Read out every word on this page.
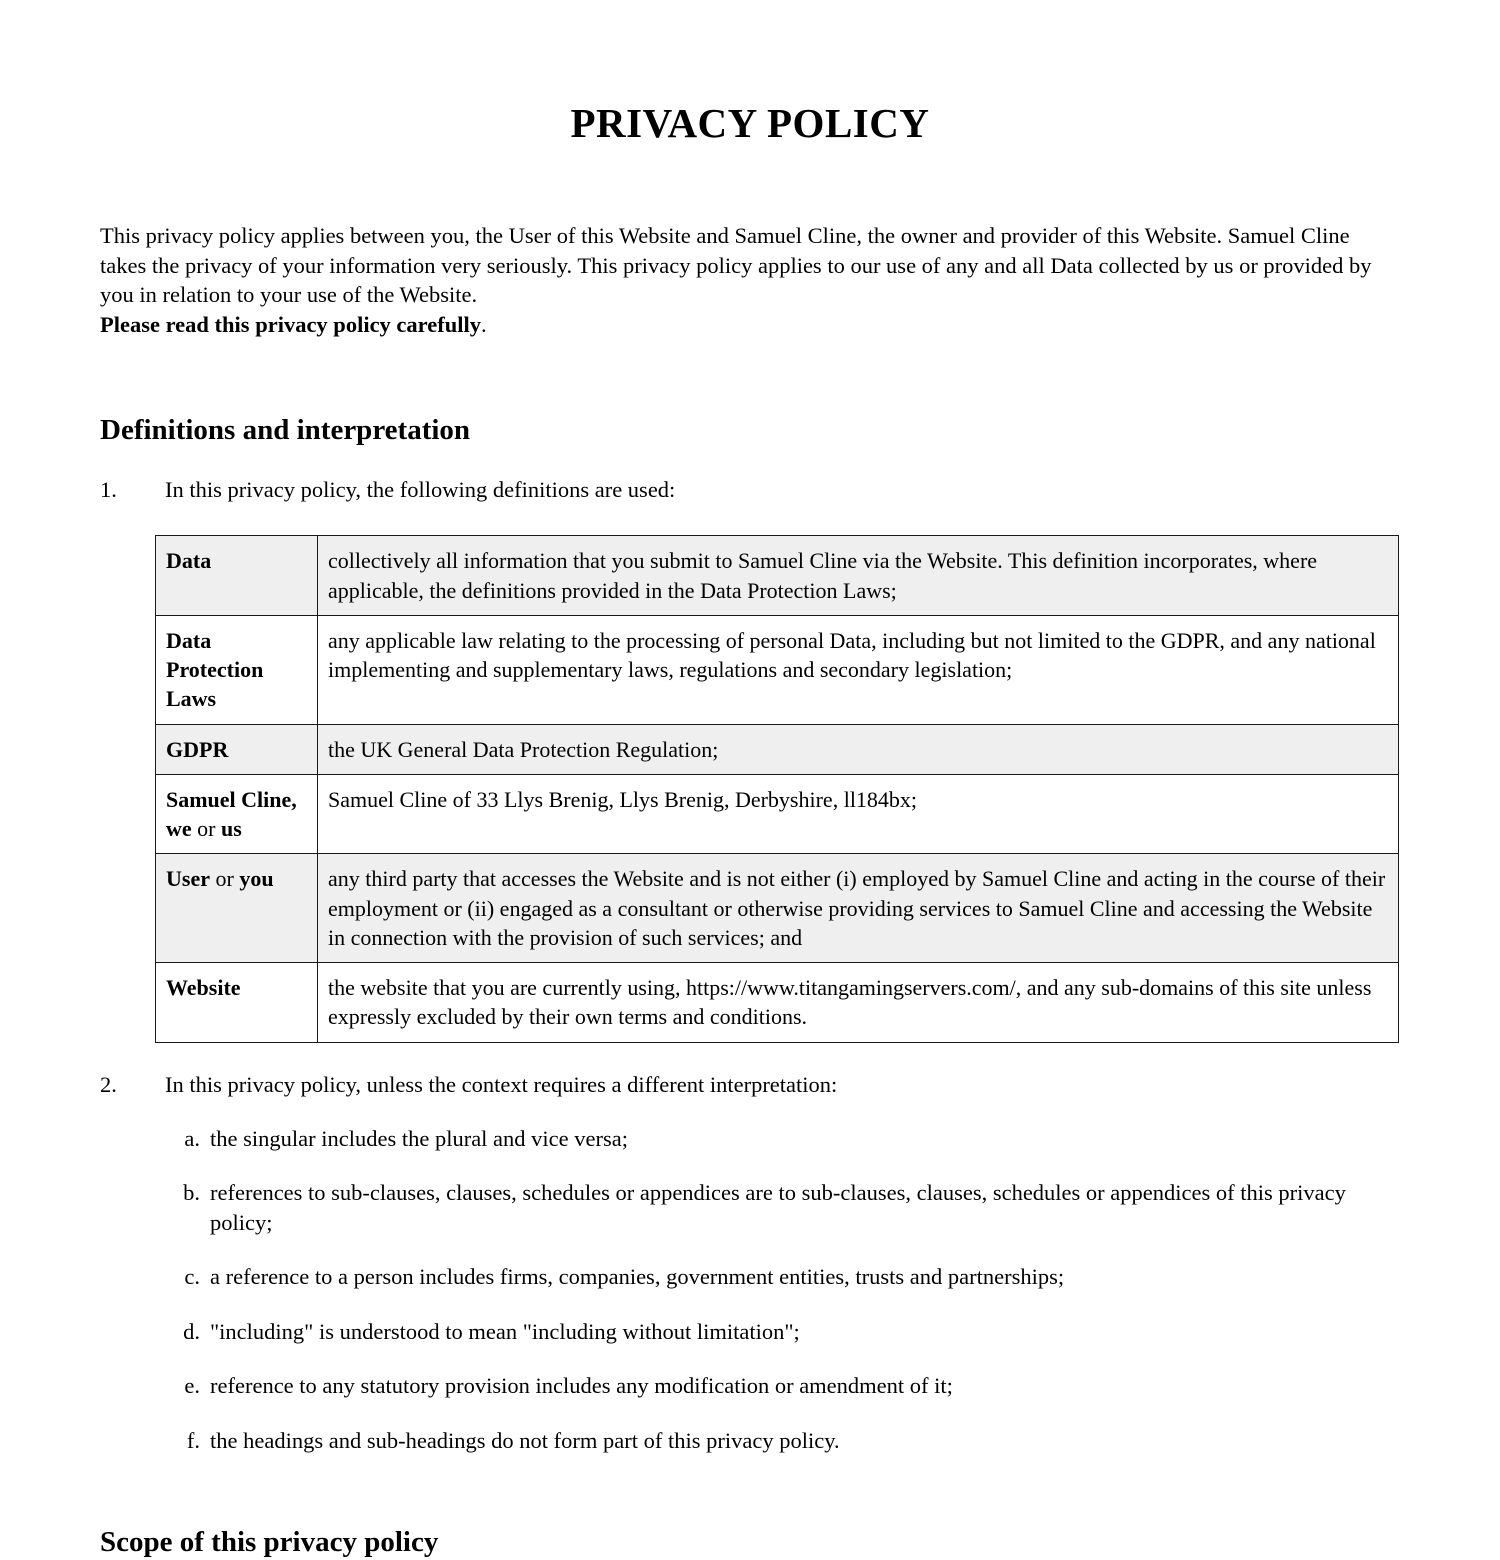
PRIVACY POLICY

This privacy policy applies between you, the User of this Website and Samuel Cline, the owner and provider of this Website. Samuel Cline takes the privacy of your information very seriously. This privacy policy applies to our use of any and all Data collected by us or provided by you in relation to your use of the Website.
Please read this privacy policy carefully.

Definitions and interpretation
1.	In this privacy policy, the following definitions are used:
Data	collectively all information that you submit to Samuel Cline via the Website. This definition incorporates, where applicable, the definitions provided in the Data Protection Laws;
Data Protection Laws	any applicable law relating to the processing of personal Data, including but not limited to the GDPR, and any national implementing and supplementary laws, regulations and secondary legislation;
GDPR	the UK General Data Protection Regulation;
Samuel Cline,
we or us	Samuel Cline of 33 Llys Brenig, Llys Brenig, Derbyshire, ll184bx;
User or you	any third party that accesses the Website and is not either (i) employed by Samuel Cline and acting in the course of their employment or (ii) engaged as a consultant or otherwise providing services to Samuel Cline and accessing the Website in connection with the provision of such services; and
Website	the website that you are currently using, https://www.titangamingservers.com/, and any sub-domains of this site unless expressly excluded by their own terms and conditions.
2.	In this privacy policy, unless the context requires a different interpretation:
a. the singular includes the plural and vice versa;
b. references to sub-clauses, clauses, schedules or appendices are to sub-clauses, clauses, schedules or appendices of this privacy policy;
c. a reference to a person includes firms, companies, government entities, trusts and partnerships;
d. "including" is understood to mean "including without limitation";
e. reference to any statutory provision includes any modification or amendment of it;
f. the headings and sub-headings do not form part of this privacy policy.
Scope of this privacy policy
